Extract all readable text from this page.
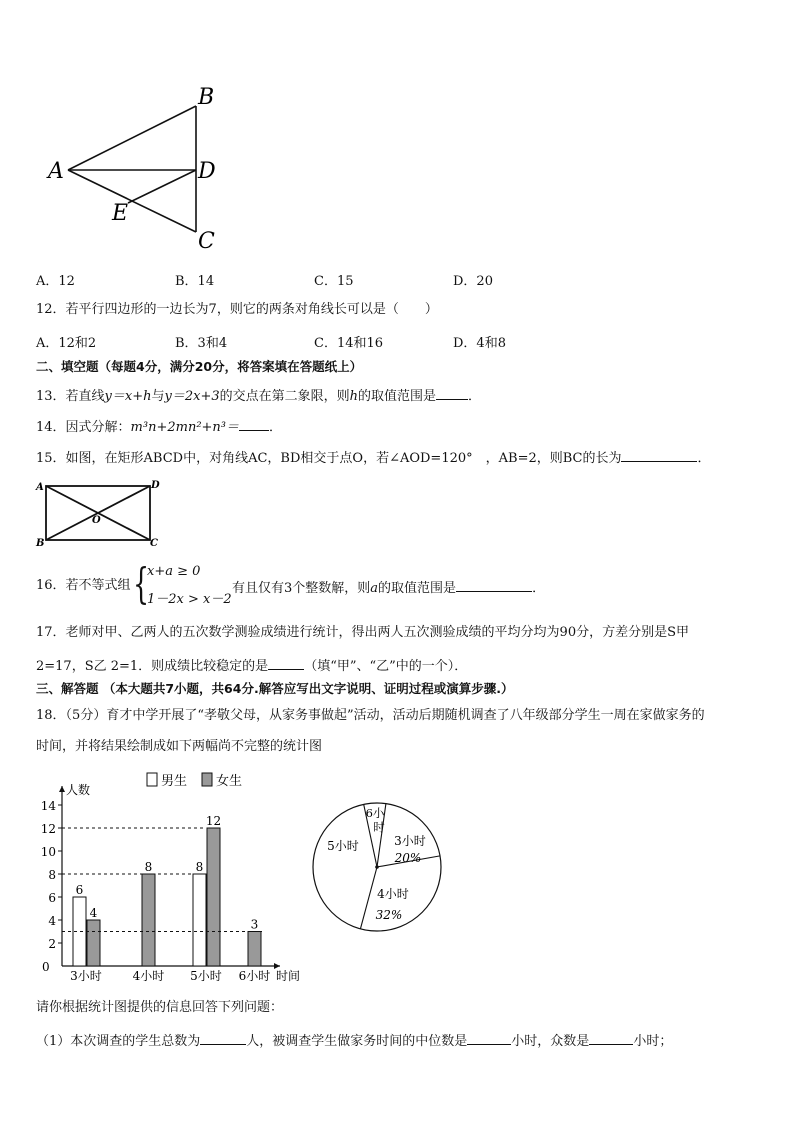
B
A	D
E
C
A．12	B．14	C．15	D．20
12．若平行四边形的一边长为7，则它的两条对角线长可以是（　　）
A．12和2	B．3和4	C．14和16	D．4和8
二、填空题（每题4分，满分20分，将答案填在答题纸上）
13．若直线y＝x+h与y＝2x+3的交点在第二象限，则h的取值范围是 ．
14．因式分解：m³n+2mn²+n³＝ ．
15．如图，在矩形ABCD中，对角线AC，BD相交于点O，若∠AOD=120°　，AB=2，则BC的长为	．
A	D
O
B	C
16．若不等式组 {
x+a ≥ 0
1－2x > x－2
有且仅有3个整数解，则a的取值范围是	．
17．老师对甲、乙两人的五次数学测验成绩进行统计，得出两人五次测验成绩的平均分均为90分，方差分别是S甲
2=17，S乙 2=1．则成绩比较稳定的是	（填“甲”、“乙”中的一个）．
三、解答题 （本大题共7小题，共64分.解答应写出文字说明、证明过程或演算步骤.）
18．（5分）育才中学开展了“孝敬父母，从家务事做起”活动，活动后期随机调查了八年级部分学生一周在家做家务的
时间，并将结果绘制成如下两幅尚不完整的统计图
0
2
4
6
8
10
12
14
人数
时间
男生 女生
6
4
3小时
8
4小时
8
12
5小时
3
6小时
6小
时
3小时
20%
4小时
32%
5小时
请你根据统计图提供的信息回答下列问题：
（1）本次调查的学生总数为	人，被调查学生做家务时间的中位数是	小时，众数是	小时；
